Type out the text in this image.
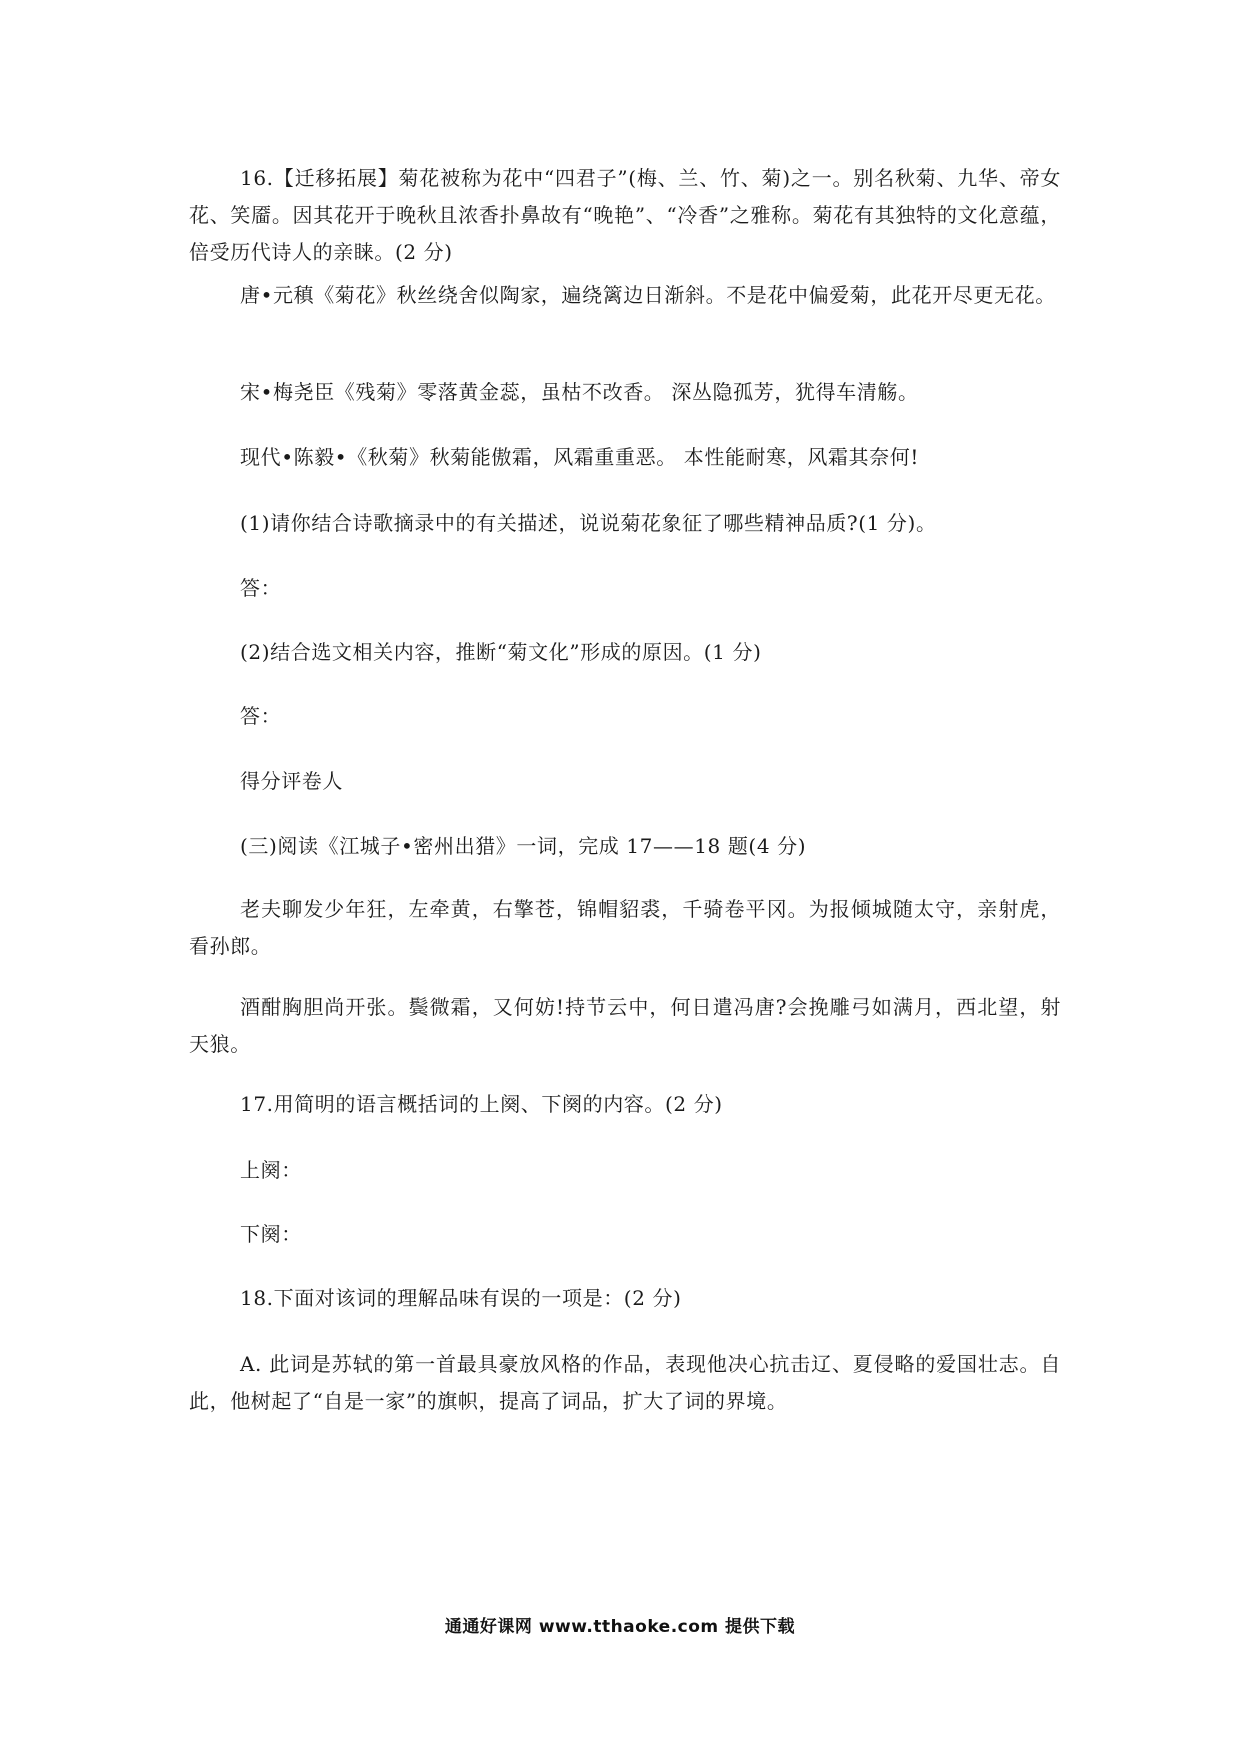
16.【迁移拓展】菊花被称为花中“四君子”(梅、兰、竹、菊)之一。别名秋菊、九华、帝女花、笑靥。因其花开于晚秋且浓香扑鼻故有“晚艳”、“冷香”之雅称。菊花有其独特的文化意蕴，倍受历代诗人的亲睐。(2 分)

唐•元稹《菊花》秋丝绕舍似陶家，遍绕篱边日渐斜。不是花中偏爱菊，此花开尽更无花。

宋•梅尧臣《残菊》零落黄金蕊，虽枯不改香。 深丛隐孤芳，犹得车清觞。

现代•陈毅•《秋菊》秋菊能傲霜，风霜重重恶。 本性能耐寒，风霜其奈何!

(1)请你结合诗歌摘录中的有关描述，说说菊花象征了哪些精神品质?(1 分)。

答：

(2)结合选文相关内容，推断“菊文化”形成的原因。(1 分)

答：

得分评卷人

(三)阅读《江城子•密州出猎》一词，完成 17——18 题(4 分)

老夫聊发少年狂，左牵黄，右擎苍，锦帽貂裘，千骑卷平冈。为报倾城随太守，亲射虎，看孙郎。

酒酣胸胆尚开张。鬓微霜，又何妨!持节云中，何日遣冯唐?会挽雕弓如满月，西北望，射天狼。

17.用简明的语言概括词的上阕、下阕的内容。(2 分)

上阕：

下阕：

18.下面对该词的理解品味有误的一项是：(2 分)

A. 此词是苏轼的第一首最具豪放风格的作品，表现他决心抗击辽、夏侵略的爱国壮志。自此，他树起了“自是一家”的旗帜，提高了词品，扩大了词的界境。

通通好课网 www.tthaoke.com 提供下载
